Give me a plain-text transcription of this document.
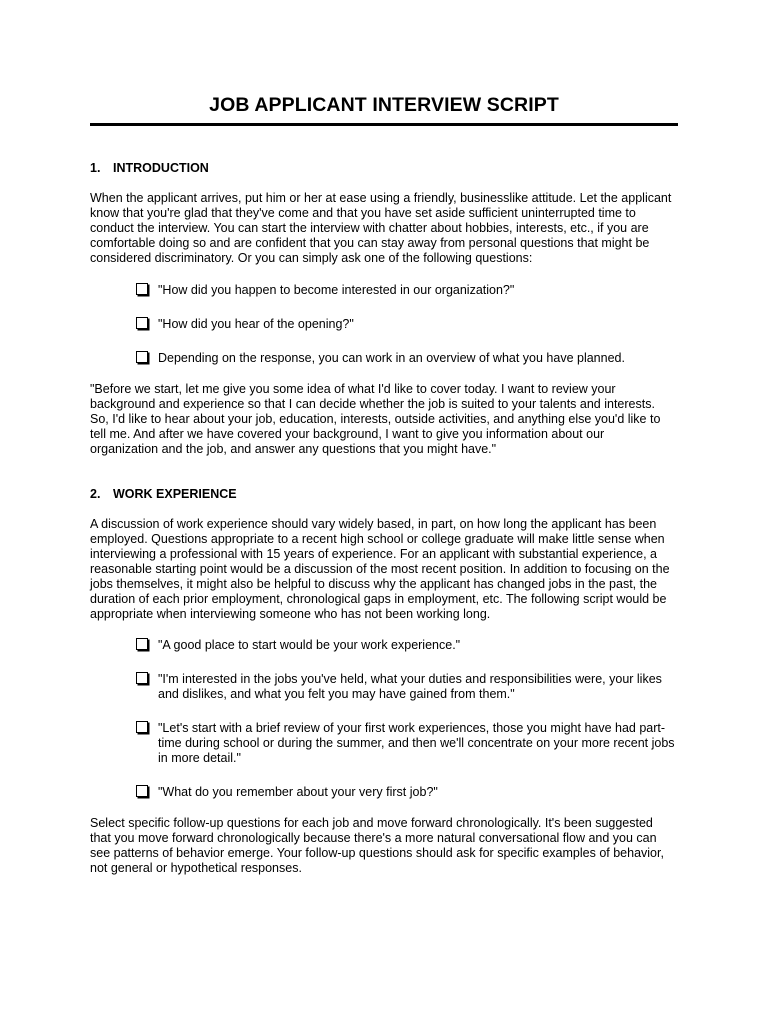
JOB APPLICANT INTERVIEW SCRIPT
1. INTRODUCTION
When the applicant arrives, put him or her at ease using a friendly, businesslike attitude. Let the applicant
know that you're glad that they've come and that you have set aside sufficient uninterrupted time to
conduct the interview. You can start the interview with chatter about hobbies, interests, etc., if you are
comfortable doing so and are confident that you can stay away from personal questions that might be
considered discriminatory. Or you can simply ask one of the following questions:
"How did you happen to become interested in our organization?"
"How did you hear of the opening?"
Depending on the response, you can work in an overview of what you have planned.
"Before we start, let me give you some idea of what I'd like to cover today. I want to review your
background and experience so that I can decide whether the job is suited to your talents and interests.
So, I'd like to hear about your job, education, interests, outside activities, and anything else you'd like to
tell me. And after we have covered your background, I want to give you information about our
organization and the job, and answer any questions that you might have."
2. WORK EXPERIENCE
A discussion of work experience should vary widely based, in part, on how long the applicant has been
employed. Questions appropriate to a recent high school or college graduate will make little sense when
interviewing a professional with 15 years of experience. For an applicant with substantial experience, a
reasonable starting point would be a discussion of the most recent position. In addition to focusing on the
jobs themselves, it might also be helpful to discuss why the applicant has changed jobs in the past, the
duration of each prior employment, chronological gaps in employment, etc. The following script would be
appropriate when interviewing someone who has not been working long.
"A good place to start would be your work experience."
"I'm interested in the jobs you've held, what your duties and responsibilities were, your likes
and dislikes, and what you felt you may have gained from them."
"Let's start with a brief review of your first work experiences, those you might have had part-
time during school or during the summer, and then we'll concentrate on your more recent jobs
in more detail."
"What do you remember about your very first job?"
Select specific follow-up questions for each job and move forward chronologically. It's been suggested
that you move forward chronologically because there's a more natural conversational flow and you can
see patterns of behavior emerge. Your follow-up questions should ask for specific examples of behavior,
not general or hypothetical responses.
